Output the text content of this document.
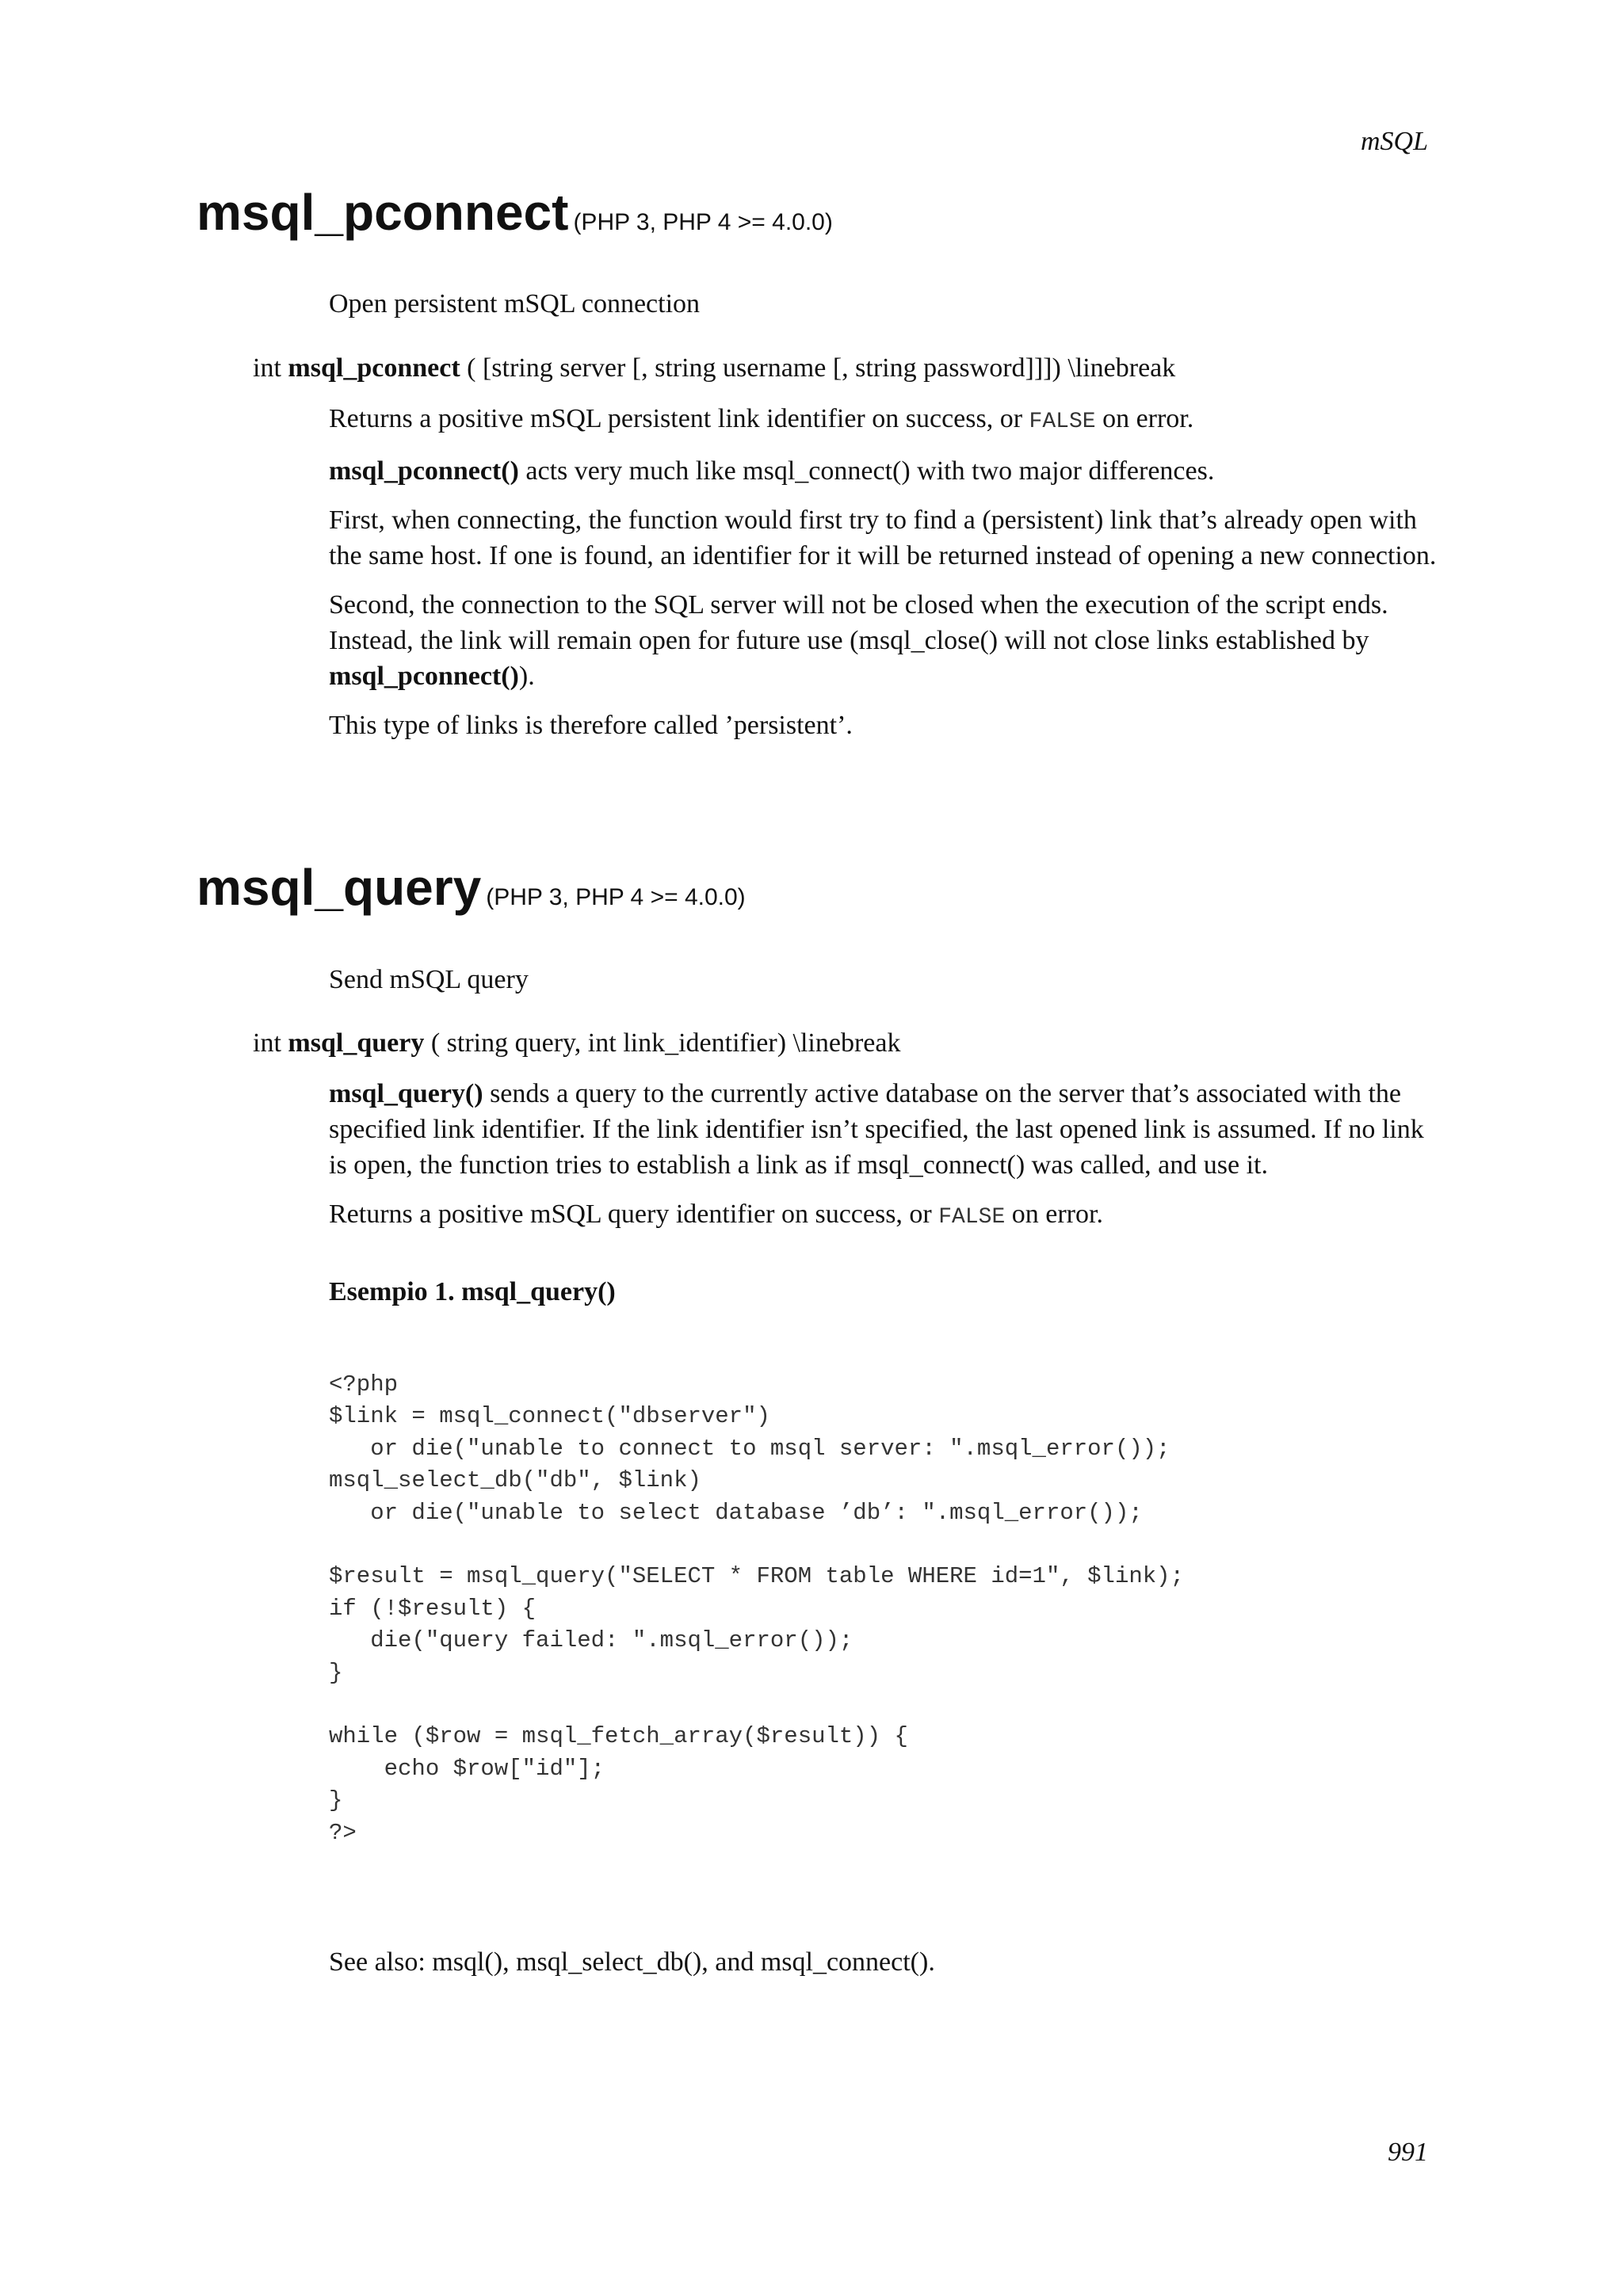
mSQL
msql_pconnect (PHP 3, PHP 4 >= 4.0.0)
Open persistent mSQL connection
int msql_pconnect ( [string server [, string username [, string password]]]) \linebreak

Returns a positive mSQL persistent link identifier on success, or FALSE on error.

msql_pconnect() acts very much like msql_connect() with two major differences.

First, when connecting, the function would first try to find a (persistent) link that’s already open with the same host. If one is found, an identifier for it will be returned instead of opening a new connection.

Second, the connection to the SQL server will not be closed when the execution of the script ends. Instead, the link will remain open for future use (msql_close() will not close links established by msql_pconnect()).

This type of links is therefore called ’persistent’.

msql_query (PHP 3, PHP 4 >= 4.0.0)
Send mSQL query
int msql_query ( string query, int link_identifier) \linebreak

msql_query() sends a query to the currently active database on the server that’s associated with the specified link identifier. If the link identifier isn’t specified, the last opened link is assumed. If no link is open, the function tries to establish a link as if msql_connect() was called, and use it.

Returns a positive mSQL query identifier on success, or FALSE on error.

Esempio 1. msql_query()
<?php
$link = msql_connect("dbserver")
or die("unable to connect to msql server: ".msql_error());
msql_select_db("db", $link)
or die("unable to select database ’db’: ".msql_error());

$result = msql_query("SELECT * FROM table WHERE id=1", $link);
if (!$result) {
die("query failed: ".msql_error());
}

while ($row = msql_fetch_array($result)) {
echo $row["id"];
}
?>
See also: msql(), msql_select_db(), and msql_connect().
991
